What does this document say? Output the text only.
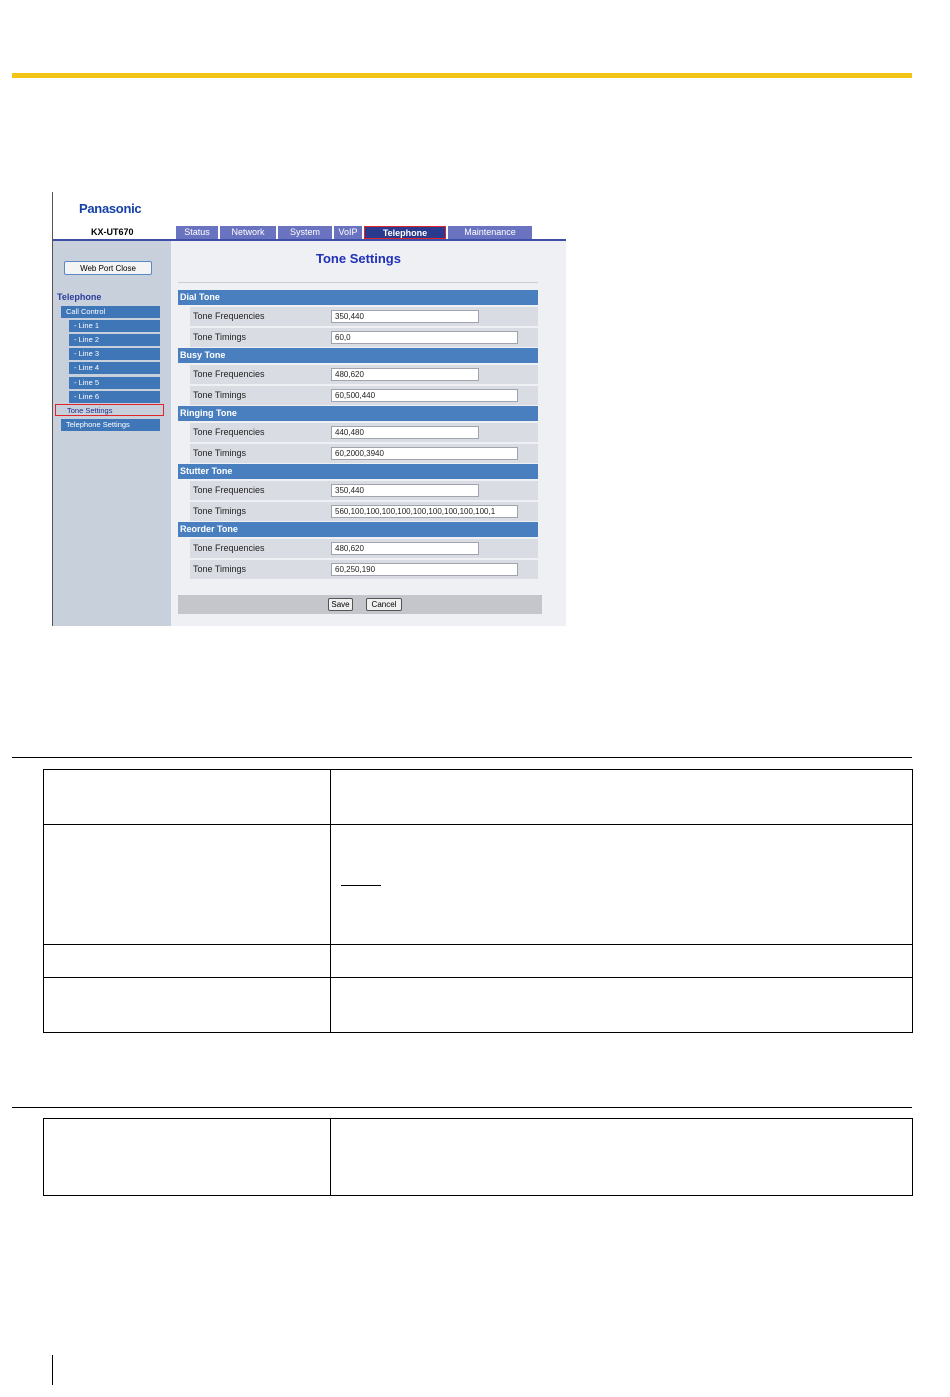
Panasonic
KX-UT670	Status	Network	System	VoIP	Telephone	Maintenance
Web Port Close
Telephone
Call Control
- Line 1
- Line 2
- Line 3
- Line 4
- Line 5
- Line 6
Tone Settings
Telephone Settings
Tone Settings
Dial Tone
Tone Frequencies	350,440
Tone Timings	60,0
Busy Tone
Tone Frequencies	480,620
Tone Timings	60,500,440
Ringing Tone
Tone Frequencies	440,480
Tone Timings	60,2000,3940
Stutter Tone
Tone Frequencies	350,440
Tone Timings	560,100,100,100,100,100,100,100,100,100,1
Reorder Tone
Tone Frequencies	480,620
Tone Timings	60,250,190
Save	Cancel
